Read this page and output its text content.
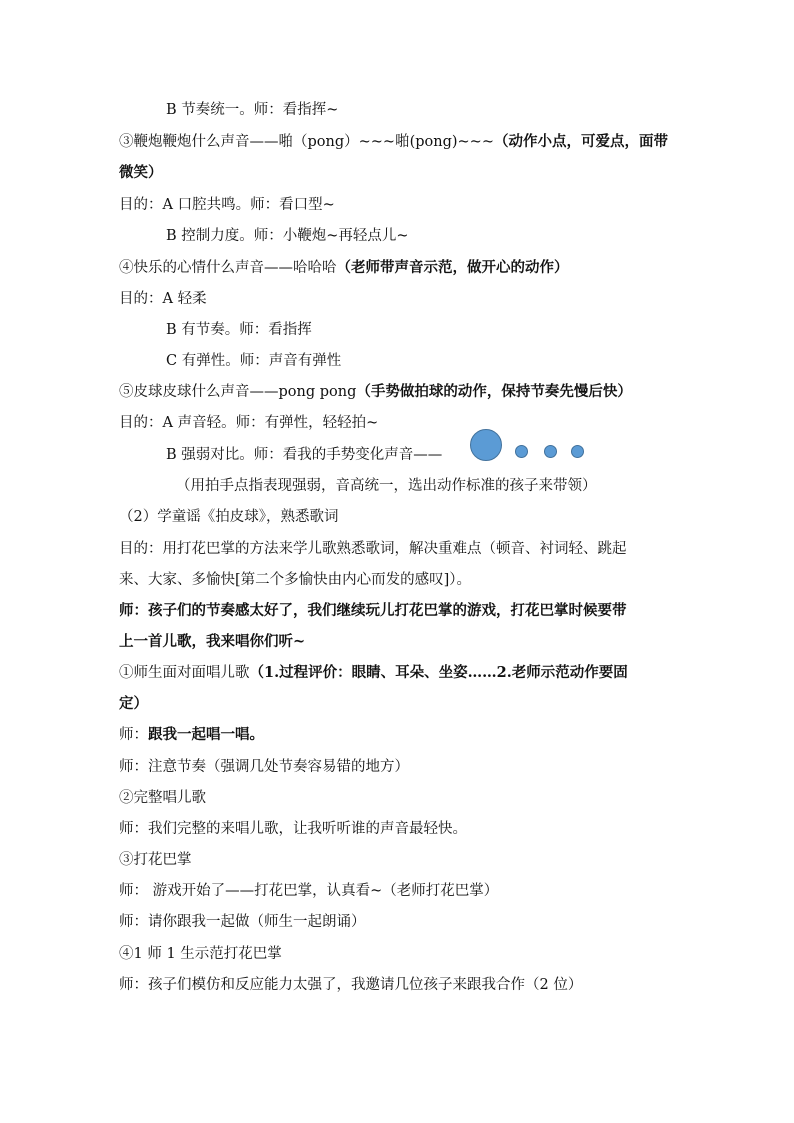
B 节奏统一。师：看指挥~
③鞭炮鞭炮什么声音——啪（pong）~~~啪(pong)~~~（动作小点，可爱点，面带
微笑）
目的：A 口腔共鸣。师：看口型~
B 控制力度。师：小鞭炮~再轻点儿~
④快乐的心情什么声音——哈哈哈（老师带声音示范，做开心的动作）
目的：A 轻柔
B 有节奏。师：看指挥
C 有弹性。师：声音有弹性
⑤皮球皮球什么声音——pong pong（手势做拍球的动作，保持节奏先慢后快）
目的：A 声音轻。师：有弹性，轻轻拍~
B 强弱对比。师：看我的手势变化声音——
（用拍手点指表现强弱，音高统一，选出动作标准的孩子来带领）
（2）学童谣《拍皮球》，熟悉歌词
目的：用打花巴掌的方法来学儿歌熟悉歌词，解决重难点（顿音、衬词轻、跳起
来、大家、多愉快[第二个多愉快由内心而发的感叹]）。
师：孩子们的节奏感太好了，我们继续玩儿打花巴掌的游戏，打花巴掌时候要带
上一首儿歌，我来唱你们听~
①师生面对面唱儿歌（1.过程评价：眼睛、耳朵、坐姿……2.老师示范动作要固
定）
师：跟我一起唱一唱。
师：注意节奏（强调几处节奏容易错的地方）
②完整唱儿歌
师：我们完整的来唱儿歌，让我听听谁的声音最轻快。
③打花巴掌
师： 游戏开始了——打花巴掌，认真看~（老师打花巴掌）
师：请你跟我一起做（师生一起朗诵）
④1 师 1 生示范打花巴掌
师：孩子们模仿和反应能力太强了，我邀请几位孩子来跟我合作（2 位）
